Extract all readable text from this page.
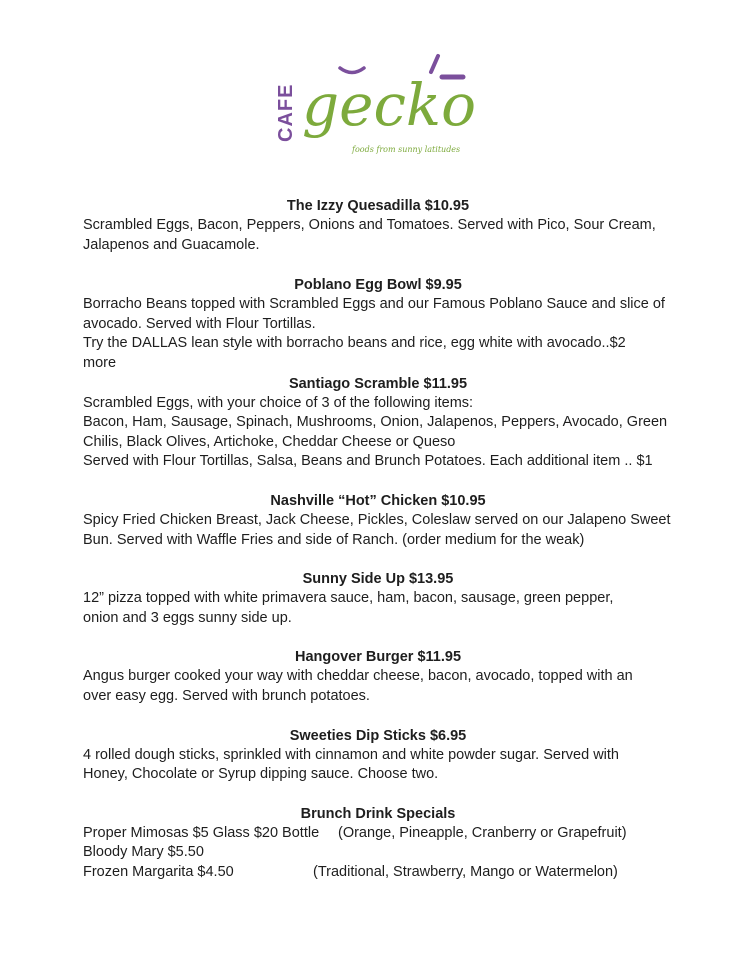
CAFE gecko
foods from sunny latitudes
The Izzy Quesadilla $10.95
Scrambled Eggs, Bacon, Peppers, Onions and Tomatoes. Served with Pico, Sour Cream,
Jalapenos and Guacamole.
Poblano Egg Bowl $9.95
Borracho Beans topped with Scrambled Eggs and our Famous Poblano Sauce and slice of
avocado. Served with Flour Tortillas.
Try the DALLAS lean style with borracho beans and rice, egg white with avocado..$2
more
Santiago Scramble $11.95
Scrambled Eggs, with your choice of 3 of the following items:
Bacon, Ham, Sausage, Spinach, Mushrooms, Onion, Jalapenos, Peppers, Avocado, Green
Chilis, Black Olives, Artichoke, Cheddar Cheese or Queso
Served with Flour Tortillas, Salsa, Beans and Brunch Potatoes. Each additional item .. $1
Nashville “Hot” Chicken $10.95
Spicy Fried Chicken Breast, Jack Cheese, Pickles, Coleslaw served on our Jalapeno Sweet
Bun. Served with Waffle Fries and side of Ranch. (order medium for the weak)
Sunny Side Up $13.95
12” pizza topped with white primavera sauce, ham, bacon, sausage, green pepper,
onion and 3 eggs sunny side up.
Hangover Burger $11.95
Angus burger cooked your way with cheddar cheese, bacon, avocado, topped with an
over easy egg. Served with brunch potatoes.
Sweeties Dip Sticks $6.95
4 rolled dough sticks, sprinkled with cinnamon and white powder sugar. Served with
Honey, Chocolate or Syrup dipping sauce. Choose two.
Brunch Drink Specials
Proper Mimosas $5 Glass $20 Bottle (Orange, Pineapple, Cranberry or Grapefruit)
Bloody Mary $5.50
Frozen Margarita $4.50	(Traditional, Strawberry, Mango or Watermelon)
